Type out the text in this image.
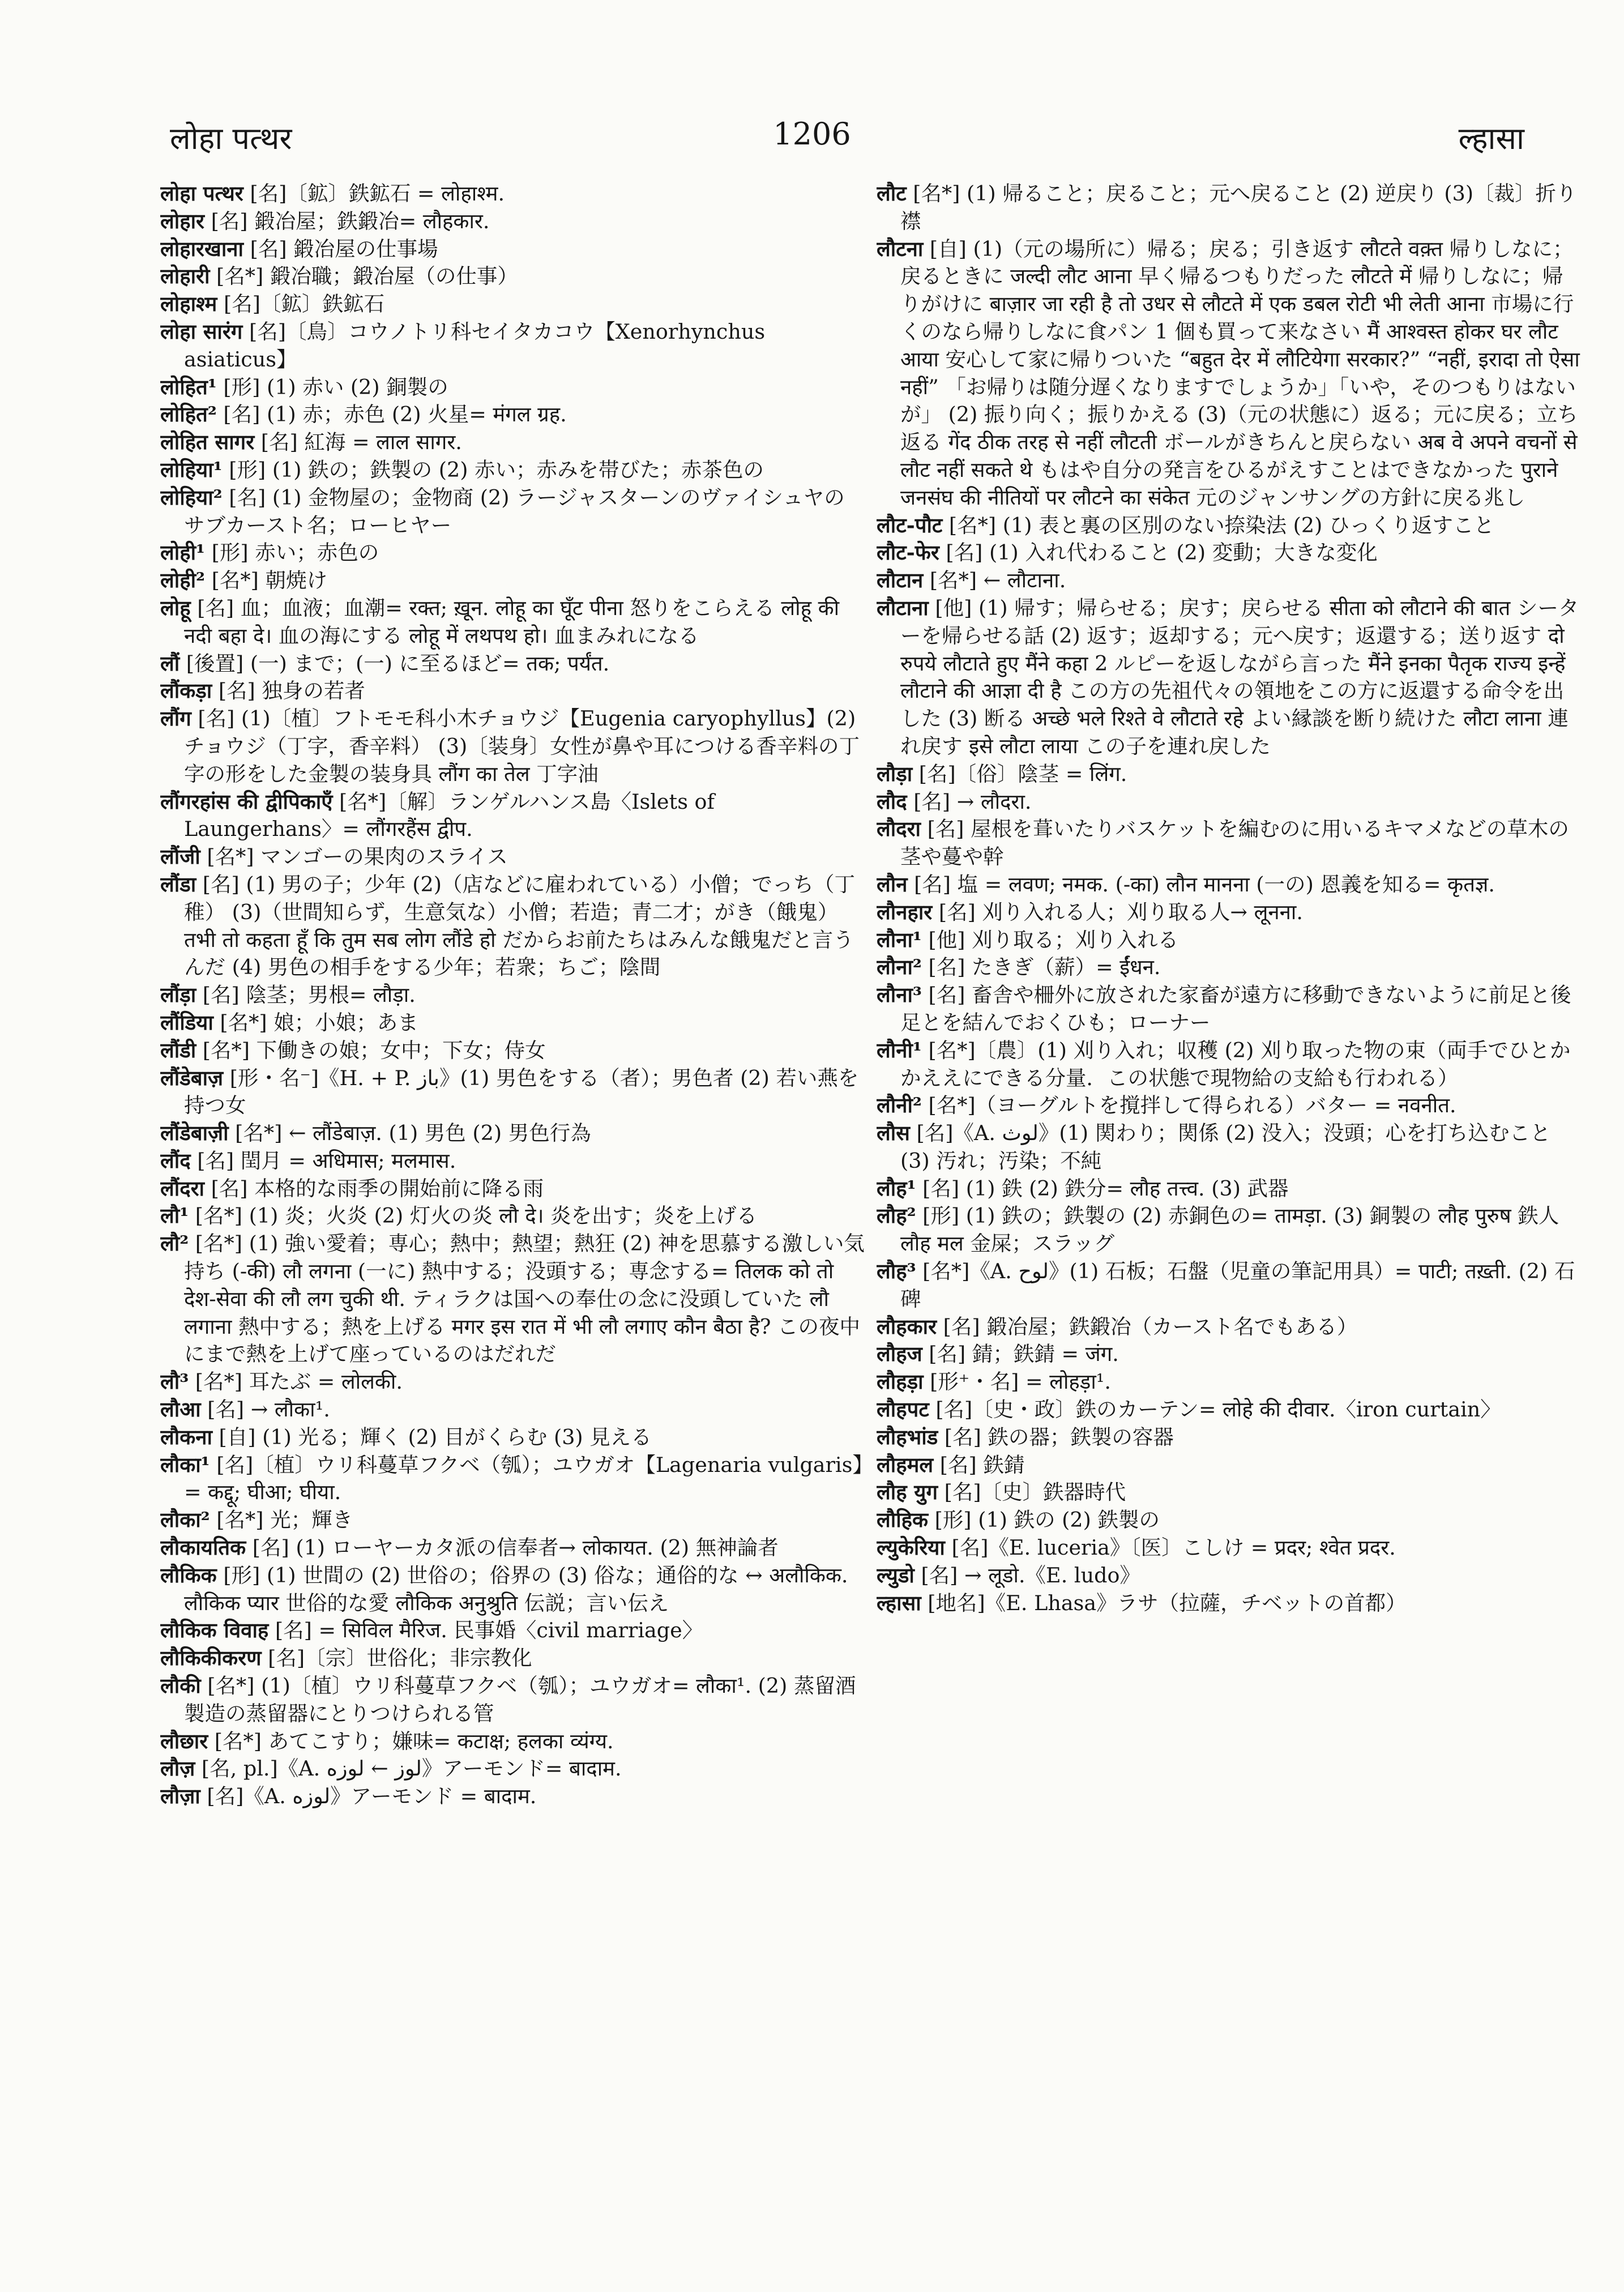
लोहा पत्थर	1206	ल्हासा
लोहा पत्थर [名]〔鉱〕鉄鉱石 = लोहाश्म.
लोहार [名] 鍛冶屋；鉄鍛冶= लौहकार.
लोहारखाना [名] 鍛冶屋の仕事場
लोहारी [名*] 鍛冶職；鍛冶屋（の仕事）
लोहाश्म [名]〔鉱〕鉄鉱石
लोहा सारंग [名]〔鳥〕コウノトリ科セイタカコウ【Xenorhynchus asiaticus】
लोहित¹ [形] (1) 赤い (2) 銅製の
लोहित² [名] (1) 赤；赤色 (2) 火星= मंगल ग्रह.
लोहित सागर [名] 紅海 = लाल सागर.
लोहिया¹ [形] (1) 鉄の；鉄製の (2) 赤い；赤みを帯びた；赤茶色の
लोहिया² [名] (1) 金物屋の；金物商 (2) ラージャスターンのヴァイシュヤのサブカースト名；ローヒヤー
लोही¹ [形] 赤い；赤色の
लोही² [名*] 朝焼け
लोहू [名] 血；血液；血潮= रक्त; ख़ून. लोहू का घूँट पीना 怒りをこらえる लोहू की नदी बहा दे। 血の海にする लोहू में लथपथ हो। 血まみれになる
लौं [後置] (一) まで；(一) に至るほど= तक; पर्यंत.
लौंकड़ा [名] 独身の若者
लौंग [名] (1)〔植〕フトモモ科小木チョウジ【Eugenia caryophyllus】(2) チョウジ（丁字，香辛料） (3)〔装身〕女性が鼻や耳につける香辛料の丁字の形をした金製の装身具 लौंग का तेल 丁字油
लौंगरहांस की द्वीपिकाएँ [名*]〔解〕ランゲルハンス島〈Islets of Laungerhans〉= लौंगरहैंस द्वीप.
लौंजी [名*] マンゴーの果肉のスライス
लौंडा [名] (1) 男の子；少年 (2)（店などに雇われている）小僧；でっち（丁稚） (3)（世間知らず，生意気な）小僧；若造；青二才；がき（餓鬼） तभी तो कहता हूँ कि तुम सब लोग लौंडे हो だからお前たちはみんな餓鬼だと言うんだ (4) 男色の相手をする少年；若衆；ちご；陰間
लौंड़ा [名] 陰茎；男根= लौड़ा.
लौंडिया [名*] 娘；小娘；あま
लौंडी [名*] 下働きの娘；女中；下女；侍女
लौंडेबाज़ [形・名⁻]《H. + P. باز》(1) 男色をする（者）；男色者 (2) 若い燕を持つ女
लौंडेबाज़ी [名*] ← लौंडेबाज़. (1) 男色 (2) 男色行為
लौंद [名] 閏月 = अधिमास; मलमास.
लौंदरा [名] 本格的な雨季の開始前に降る雨
लौ¹ [名*] (1) 炎；火炎 (2) 灯火の炎 लौ दे। 炎を出す；炎を上げる
लौ² [名*] (1) 強い愛着；専心；熱中；熱望；熱狂 (2) 神を思慕する激しい気持ち (-की) लौ लगना (一に) 熱中する；没頭する；専念する= तिलक को तो देश-सेवा की लौ लग चुकी थी. ティラクは国への奉仕の念に没頭していた लौ लगाना 熱中する；熱を上げる मगर इस रात में भी लौ लगाए कौन बैठा है? この夜中にまで熱を上げて座っているのはだれだ
लौ³ [名*] 耳たぶ = लोलकी.
लौआ [名] → लौका¹.
लौकना [自] (1) 光る；輝く (2) 目がくらむ (3) 見える
लौका¹ [名]〔植〕ウリ科蔓草フクベ（瓠）；ユウガオ【Lagenaria vulgaris】= कद्दू; घीआ; घीया.
लौका² [名*] 光；輝き
लौकायतिक [名] (1) ローヤーカタ派の信奉者→ लोकायत. (2) 無神論者
लौकिक [形] (1) 世間の (2) 世俗の；俗界の (3) 俗な；通俗的な ↔ अलौकिक. लौकिक प्यार 世俗的な愛 लौकिक अनुश्रुति 伝説；言い伝え
लौकिक विवाह [名] = सिविल मैरिज. 民事婚〈civil marriage〉
लौकिकीकरण [名]〔宗〕世俗化；非宗教化
लौकी [名*] (1)〔植〕ウリ科蔓草フクベ（瓠）；ユウガオ= लौका¹. (2) 蒸留酒製造の蒸留器にとりつけられる管
लौछार [名*] あてこすり；嫌味= कटाक्ष; हलका व्यंग्य.
लौज़ [名, pl.]《A. لوز ← لوزه》アーモンド= बादाम.
लौज़ा [名]《A. لوزه》アーモンド = बादाम.
लौट [名*] (1) 帰ること；戻ること；元へ戻ること (2) 逆戻り (3)〔裁〕折り襟
लौटना [自] (1)（元の場所に）帰る；戻る；引き返す लौटते वक़्त 帰りしなに；戻るときに जल्दी लौट आना 早く帰るつもりだった लौटते में 帰りしなに；帰りがけに बाज़ार जा रही है तो उधर से लौटते में एक डबल रोटी भी लेती आना 市場に行くのなら帰りしなに食パン 1 個も買って来なさい मैं आश्वस्त होकर घर लौट आया 安心して家に帰りついた “बहुत देर में लौटियेगा सरकार?” “नहीं, इरादा तो ऐसा नहीं” 「お帰りは随分遅くなりますでしょうか」「いや，そのつもりはないが」 (2) 振り向く；振りかえる (3)（元の状態に）返る；元に戻る；立ち返る गेंद ठीक तरह से नहीं लौटती ボールがきちんと戻らない अब वे अपने वचनों से लौट नहीं सकते थे もはや自分の発言をひるがえすことはできなかった पुराने जनसंघ की नीतियों पर लौटने का संकेत 元のジャンサングの方針に戻る兆し
लौट-पौट [名*] (1) 表と裏の区別のない捺染法 (2) ひっくり返すこと
लौट-फेर [名] (1) 入れ代わること (2) 変動；大きな変化
लौटान [名*] ← लौटाना.
लौटाना [他] (1) 帰す；帰らせる；戻す；戻らせる सीता को लौटाने की बात シーターを帰らせる話 (2) 返す；返却する；元へ戻す；返還する；送り返す दो रुपये लौटाते हुए मैंने कहा 2 ルピーを返しながら言った मैंने इनका पैतृक राज्य इन्हें लौटाने की आज्ञा दी है この方の先祖代々の領地をこの方に返還する命令を出した (3) 断る अच्छे भले रिश्ते वे लौटाते रहे よい縁談を断り続けた लौटा लाना 連れ戻す इसे लौटा लाया この子を連れ戻した
लौड़ा [名]〔俗〕陰茎 = लिंग.
लौद [名] → लौदरा.
लौदरा [名] 屋根を葺いたりバスケットを編むのに用いるキマメなどの草木の茎や蔓や幹
लौन [名] 塩 = लवण; नमक. (-का) लौन मानना (一の) 恩義を知る= कृतज्ञ.
लौनहार [名] 刈り入れる人；刈り取る人→ लूनना.
लौना¹ [他] 刈り取る；刈り入れる
लौना² [名] たきぎ（薪）= ईंधन.
लौना³ [名] 畜舎や柵外に放された家畜が遠方に移動できないように前足と後足とを結んでおくひも；ローナー
लौनी¹ [名*]〔農〕(1) 刈り入れ；収穫 (2) 刈り取った物の束（両手でひとかかええにできる分量．この状態で現物給の支給も行われる）
लौनी² [名*]（ヨーグルトを撹拌して得られる）バター = नवनीत.
लौस [名]《A. لوث》(1) 関わり；関係 (2) 没入；没頭；心を打ち込むこと (3) 汚れ；汚染；不純
लौह¹ [名] (1) 鉄 (2) 鉄分= लौह तत्त्व. (3) 武器
लौह² [形] (1) 鉄の；鉄製の (2) 赤銅色の= तामड़ा. (3) 銅製の लौह पुरुष 鉄人 लौह मल 金屎；スラッグ
लौह³ [名*]《A. لوح》(1) 石板；石盤（児童の筆記用具）= पाटी; तख़्ती. (2) 石碑
लौहकार [名] 鍛冶屋；鉄鍛冶（カースト名でもある）
लौहज [名] 錆；鉄錆 = जंग.
लौहड़ा [形⁺・名] = लोहड़ा¹.
लौहपट [名]〔史・政〕鉄のカーテン= लोहे की दीवार.〈iron curtain〉
लौहभांड [名] 鉄の器；鉄製の容器
लौहमल [名] 鉄錆
लौह युग [名]〔史〕鉄器時代
लौहिक [形] (1) 鉄の (2) 鉄製の
ल्युकेरिया [名]《E. luceria》〔医〕こしけ = प्रदर; श्वेत प्रदर.
ल्युडो [名] → लूडो.《E. ludo》
ल्हासा [地名]《E. Lhasa》ラサ（拉薩，チベットの首都）
